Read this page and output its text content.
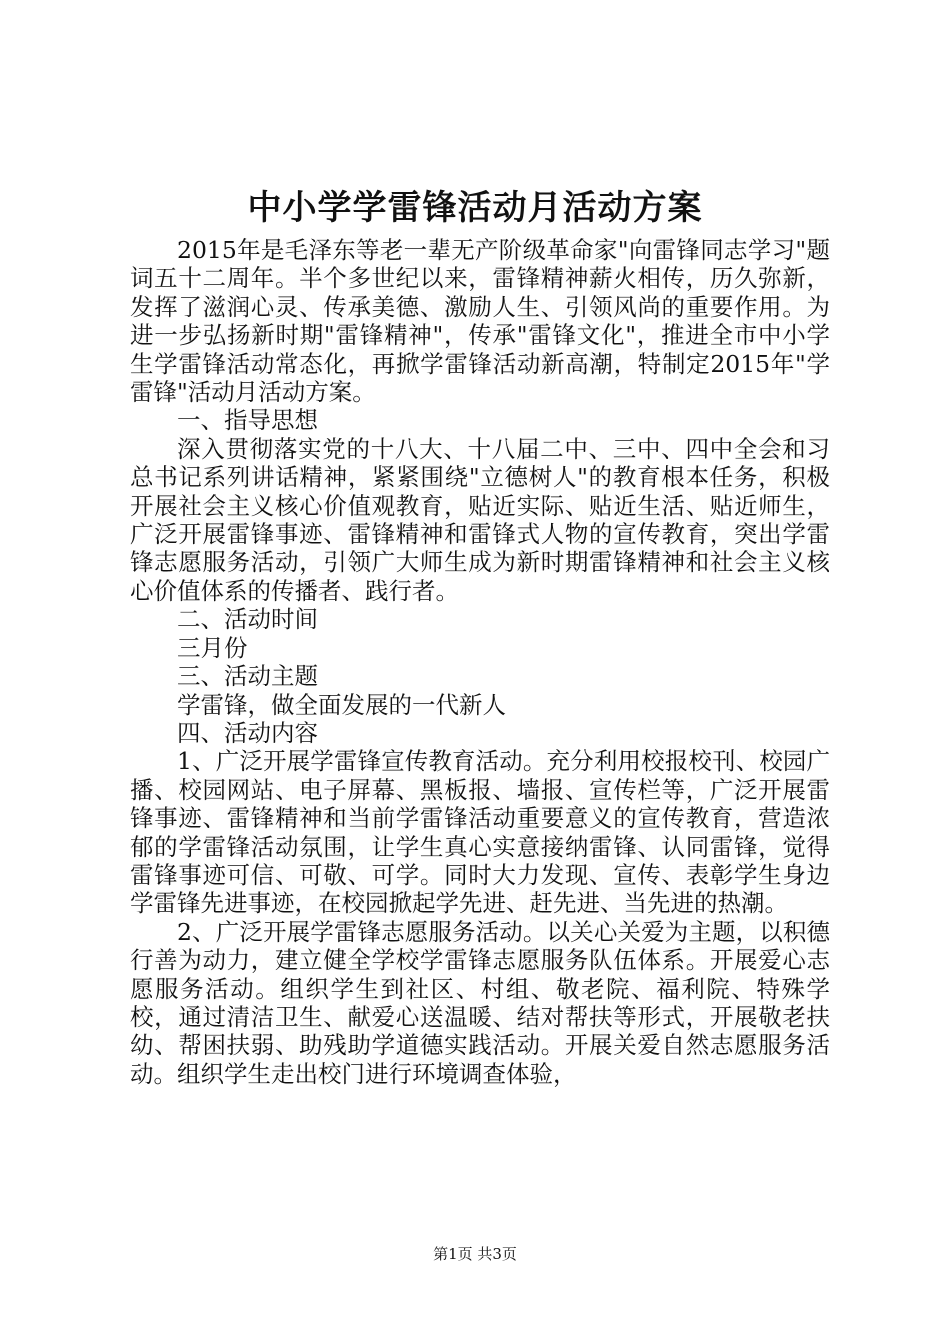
中小学学雷锋活动月活动方案

2015年是毛泽东等老一辈无产阶级革命家"向雷锋同志学习"题词五十二周年。半个多世纪以来，雷锋精神薪火相传，历久弥新，发挥了滋润心灵、传承美德、激励人生、引领风尚的重要作用。为进一步弘扬新时期"雷锋精神"，传承"雷锋文化"，推进全市中小学生学雷锋活动常态化，再掀学雷锋活动新高潮，特制定2015年"学雷锋"活动月活动方案。

一、指导思想

深入贯彻落实党的十八大、十八届二中、三中、四中全会和习总书记系列讲话精神，紧紧围绕"立德树人"的教育根本任务，积极开展社会主义核心价值观教育，贴近实际、贴近生活、贴近师生，广泛开展雷锋事迹、雷锋精神和雷锋式人物的宣传教育，突出学雷锋志愿服务活动，引领广大师生成为新时期雷锋精神和社会主义核心价值体系的传播者、践行者。

二、活动时间

三月份

三、活动主题

学雷锋，做全面发展的一代新人

四、活动内容

1、广泛开展学雷锋宣传教育活动。充分利用校报校刊、校园广播、校园网站、电子屏幕、黑板报、墙报、宣传栏等，广泛开展雷锋事迹、雷锋精神和当前学雷锋活动重要意义的宣传教育，营造浓郁的学雷锋活动氛围，让学生真心实意接纳雷锋、认同雷锋，觉得雷锋事迹可信、可敬、可学。同时大力发现、宣传、表彰学生身边学雷锋先进事迹，在校园掀起学先进、赶先进、当先进的热潮。

2、广泛开展学雷锋志愿服务活动。以关心关爱为主题，以积德行善为动力，建立健全学校学雷锋志愿服务队伍体系。开展爱心志愿服务活动。组织学生到社区、村组、敬老院、福利院、特殊学校，通过清洁卫生、献爱心送温暖、结对帮扶等形式，开展敬老扶幼、帮困扶弱、助残助学道德实践活动。开展关爱自然志愿服务活动。组织学生走出校门进行环境调查体验，

第1页 共3页
